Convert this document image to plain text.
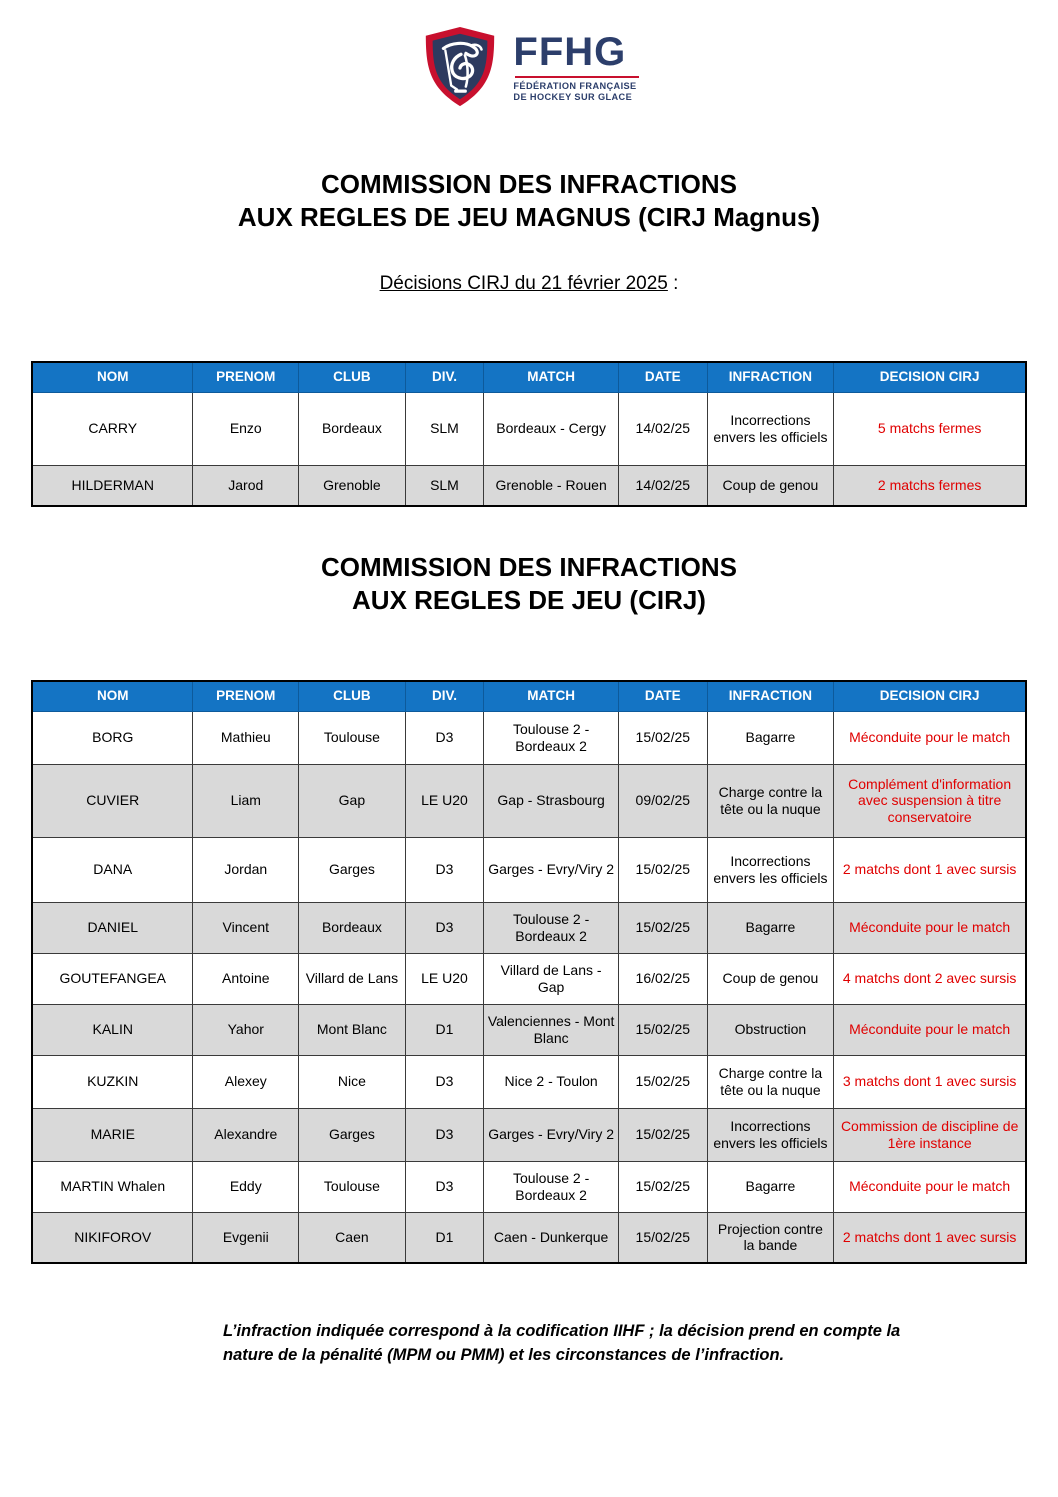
FFHG
FÉDÉRATION FRANÇAISE
DE HOCKEY SUR GLACE
COMMISSION DES INFRACTIONS
AUX REGLES DE JEU MAGNUS (CIRJ Magnus)
Décisions CIRJ du 21 février 2025 :
NOM	PRENOM	CLUB	DIV.	MATCH	DATE	INFRACTION	DECISION CIRJ
CARRY	Enzo	Bordeaux	SLM	Bordeaux - Cergy	14/02/25	Incorrections envers les officiels	5 matchs fermes
HILDERMAN	Jarod	Grenoble	SLM	Grenoble - Rouen	14/02/25	Coup de genou	2 matchs fermes
COMMISSION DES INFRACTIONS
AUX REGLES DE JEU (CIRJ)
NOM	PRENOM	CLUB	DIV.	MATCH	DATE	INFRACTION	DECISION CIRJ
BORG	Mathieu	Toulouse	D3	Toulouse 2 - Bordeaux 2	15/02/25	Bagarre	Méconduite pour le match
CUVIER	Liam	Gap	LE U20	Gap - Strasbourg	09/02/25	Charge contre la tête ou la nuque	Complément d'information avec suspension à titre conservatoire
DANA	Jordan	Garges	D3	Garges - Evry/Viry 2	15/02/25	Incorrections envers les officiels	2 matchs dont 1 avec sursis
DANIEL	Vincent	Bordeaux	D3	Toulouse 2 - Bordeaux 2	15/02/25	Bagarre	Méconduite pour le match
GOUTEFANGEA	Antoine	Villard de Lans	LE U20	Villard de Lans - Gap	16/02/25	Coup de genou	4 matchs dont 2 avec sursis
KALIN	Yahor	Mont Blanc	D1	Valenciennes - Mont Blanc	15/02/25	Obstruction	Méconduite pour le match
KUZKIN	Alexey	Nice	D3	Nice 2 - Toulon	15/02/25	Charge contre la tête ou la nuque	3 matchs dont 1 avec sursis
MARIE	Alexandre	Garges	D3	Garges - Evry/Viry 2	15/02/25	Incorrections envers les officiels	Commission de discipline de 1ère instance
MARTIN Whalen	Eddy	Toulouse	D3	Toulouse 2 - Bordeaux 2	15/02/25	Bagarre	Méconduite pour le match
NIKIFOROV	Evgenii	Caen	D1	Caen - Dunkerque	15/02/25	Projection contre la bande	2 matchs dont 1 avec sursis
L’infraction indiquée correspond à la codification IIHF ; la décision prend en compte la
nature de la pénalité (MPM ou PMM) et les circonstances de l’infraction.
